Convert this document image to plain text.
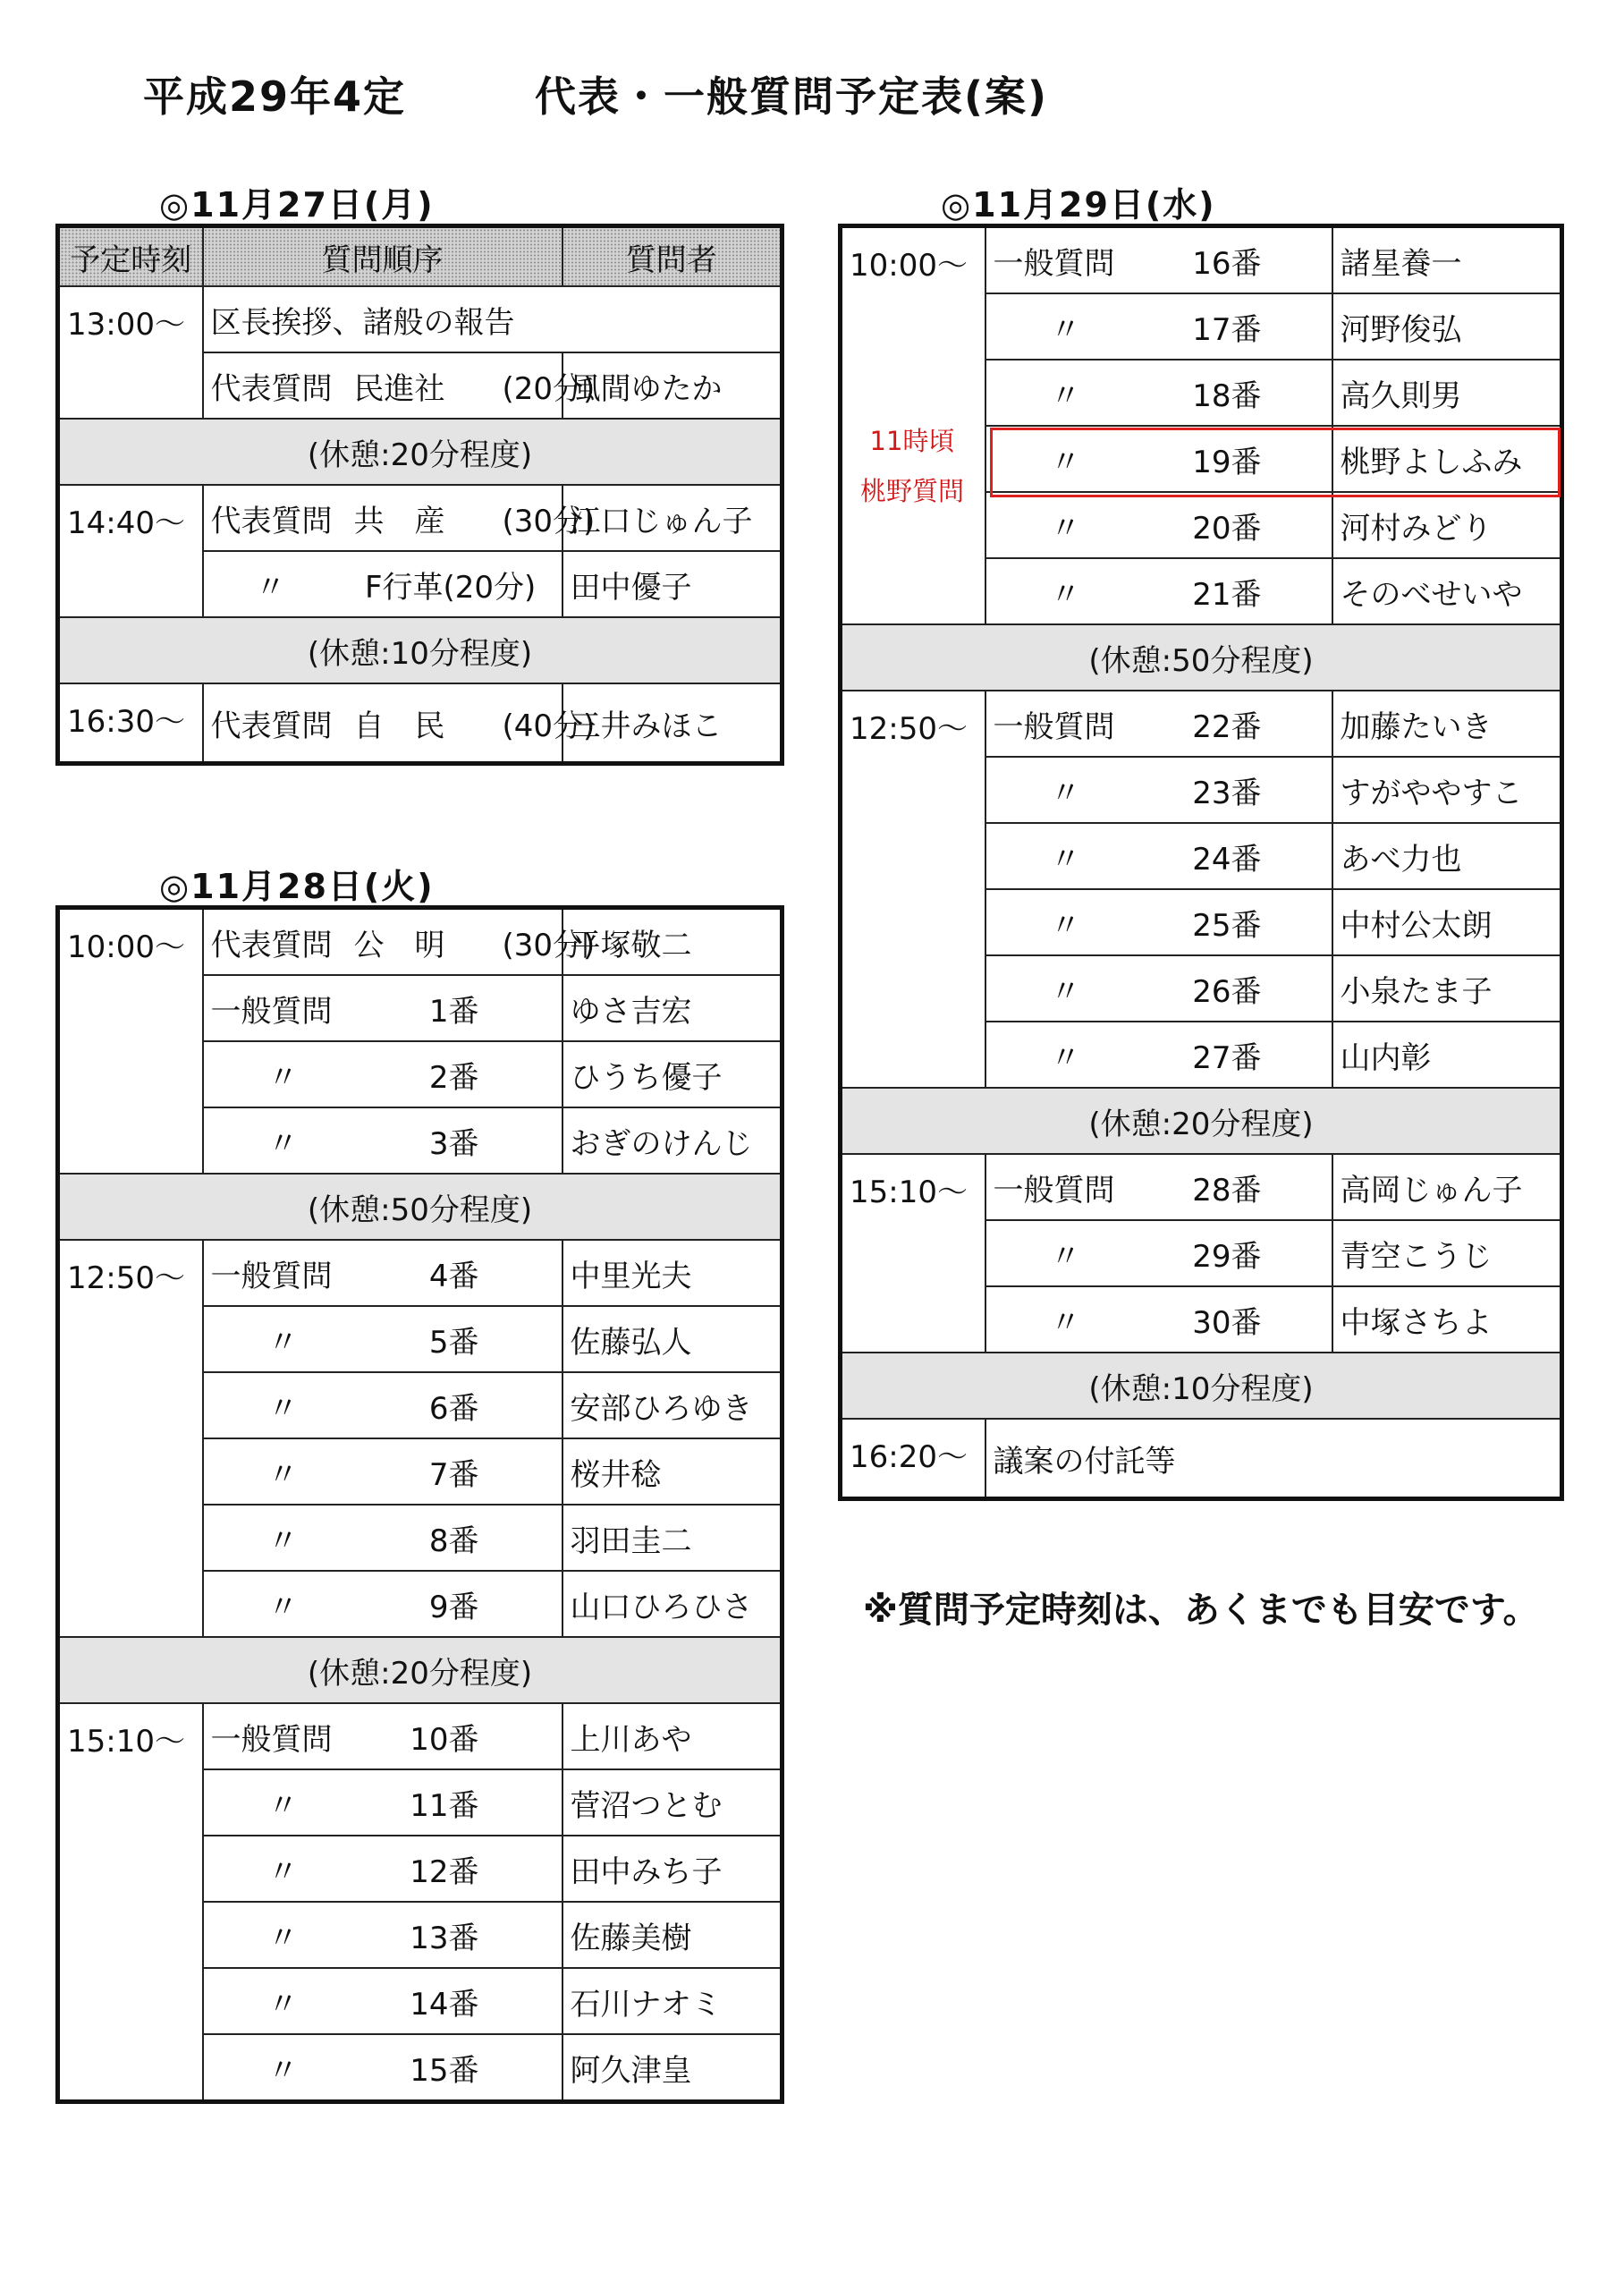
平成29年4定	代表・一般質問予定表(案)
◎11月27日(月)
予定時刻	質問順序	質問者
13:00～	区長挨拶、諸般の報告	
	代表質問 民進社 (20分)	風間ゆたか
(休憩:20分程度)		
14:40～	代表質問 共　産 (30分)	江口じゅん子
	〃 F行革(20分)	田中優子
(休憩:10分程度)		
16:30～	代表質問 自　民 (40分)	三井みほこ
◎11月28日(火)
10:00～	代表質問 公　明 (30分)	平塚敬二
	一般質問 1番	ゆさ吉宏
	〃 2番	ひうち優子
	〃 3番	おぎのけんじ
(休憩:50分程度)		
12:50～	一般質問 4番	中里光夫
	〃 5番	佐藤弘人
	〃 6番	安部ひろゆき
	〃 7番	桜井稔
	〃 8番	羽田圭二
	〃 9番	山口ひろひさ
(休憩:20分程度)		
15:10～	一般質問 10番	上川あや
	〃 11番	菅沼つとむ
	〃 12番	田中みち子
	〃 13番	佐藤美樹
	〃 14番	石川ナオミ
	〃 15番	阿久津皇
◎11月29日(水)
10:00～	一般質問 16番	諸星養一
	〃 17番	河野俊弘
	〃 18番	高久則男
	〃 19番	桃野よしふみ
	〃 20番	河村みどり
	〃 21番	そのべせいや
(休憩:50分程度)		
12:50～	一般質問 22番	加藤たいき
	〃 23番	すがややすこ
	〃 24番	あべ力也
	〃 25番	中村公太朗
	〃 26番	小泉たま子
	〃 27番	山内彰
(休憩:20分程度)		
15:10～	一般質問 28番	高岡じゅん子
	〃 29番	青空こうじ
	〃 30番	中塚さちよ
(休憩:10分程度)		
16:20～	議案の付託等	
11時頃
桃野質問
※質問予定時刻は、あくまでも目安です。
